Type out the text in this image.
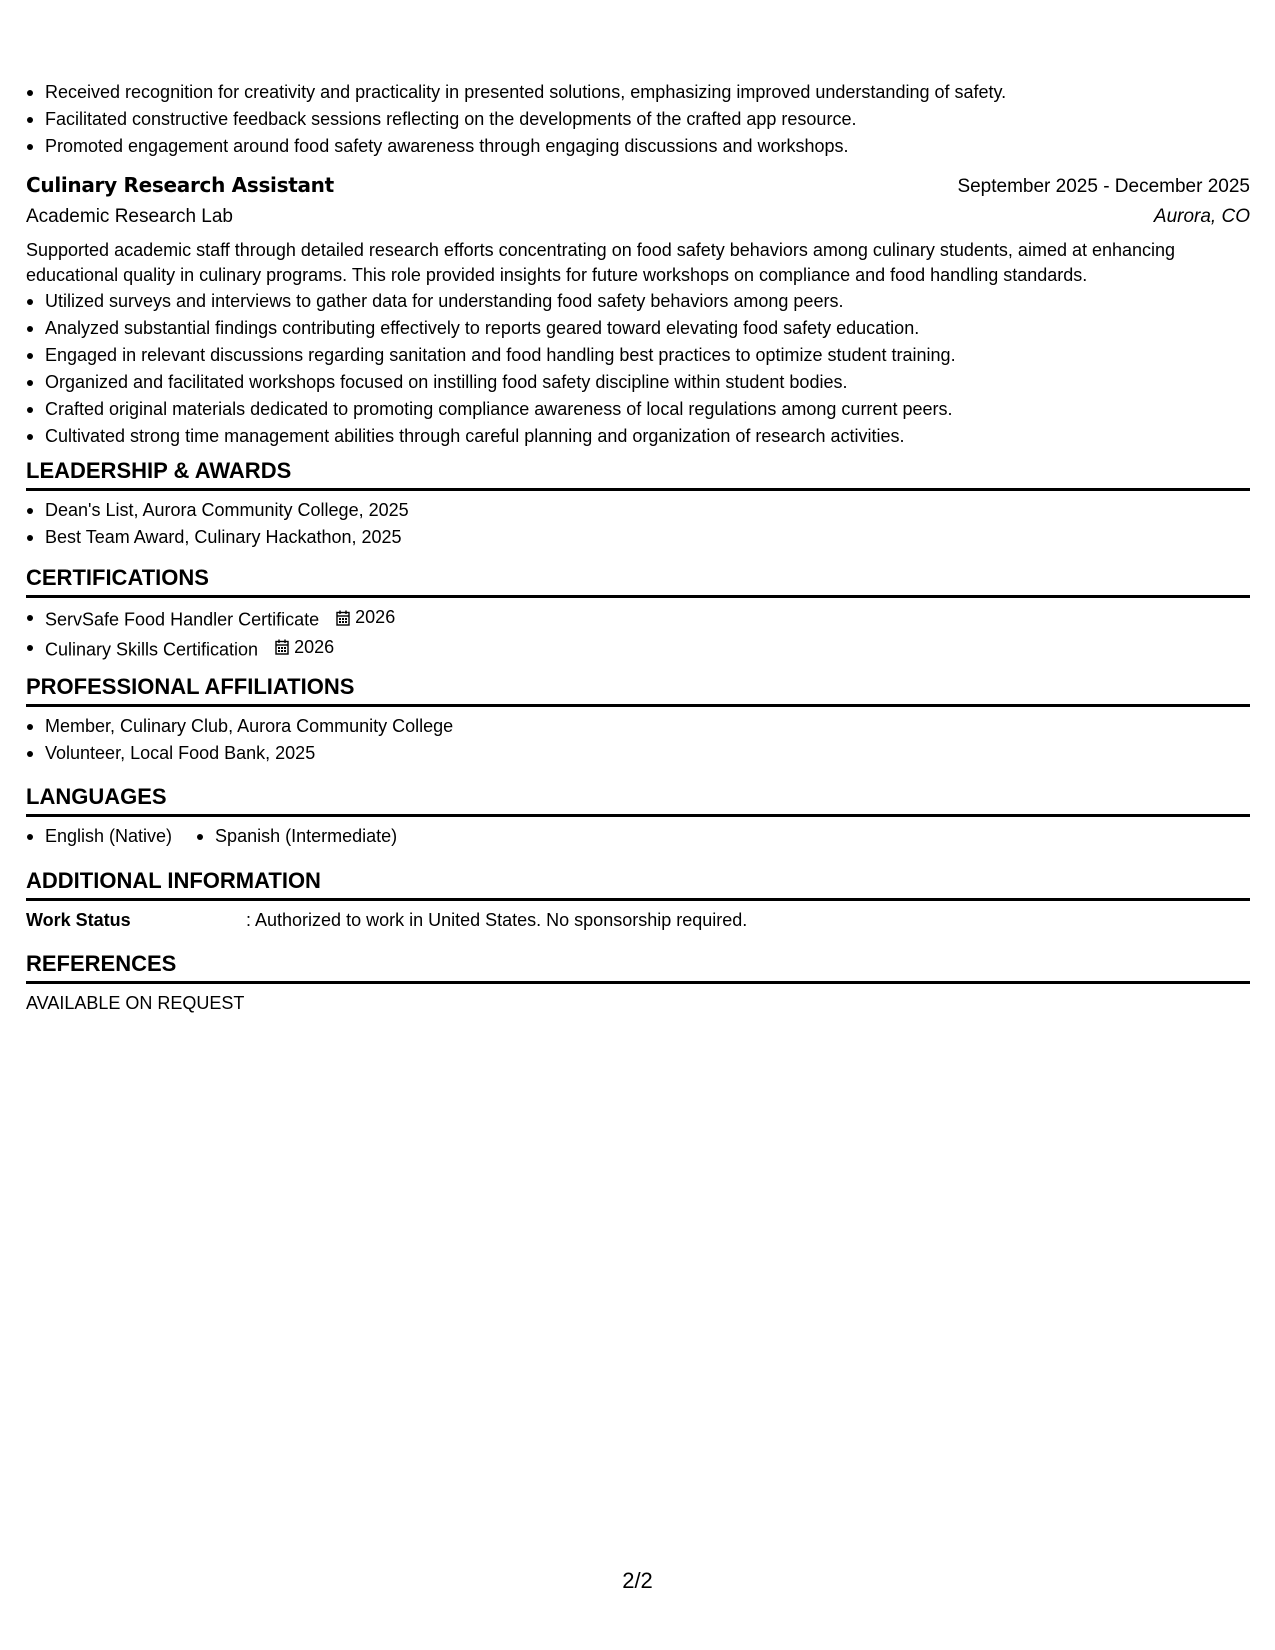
Received recognition for creativity and practicality in presented solutions, emphasizing improved understanding of safety.
Facilitated constructive feedback sessions reflecting on the developments of the crafted app resource.
Promoted engagement around food safety awareness through engaging discussions and workshops.
Culinary Research Assistant	September 2025 - December 2025
Academic Research Lab	Aurora, CO
Supported academic staff through detailed research efforts concentrating on food safety behaviors among culinary students, aimed at enhancing educational quality in culinary programs. This role provided insights for future workshops on compliance and food handling standards.
Utilized surveys and interviews to gather data for understanding food safety behaviors among peers.
Analyzed substantial findings contributing effectively to reports geared toward elevating food safety education.
Engaged in relevant discussions regarding sanitation and food handling best practices to optimize student training.
Organized and facilitated workshops focused on instilling food safety discipline within student bodies.
Crafted original materials dedicated to promoting compliance awareness of local regulations among current peers.
Cultivated strong time management abilities through careful planning and organization of research activities.
LEADERSHIP & AWARDS
Dean's List, Aurora Community College, 2025
Best Team Award, Culinary Hackathon, 2025
CERTIFICATIONS
ServSafe Food Handler Certificate 2026
Culinary Skills Certification 2026
PROFESSIONAL AFFILIATIONS
Member, Culinary Club, Aurora Community College
Volunteer, Local Food Bank, 2025
LANGUAGES
English (Native)	Spanish (Intermediate)
ADDITIONAL INFORMATION
Work Status	: Authorized to work in United States. No sponsorship required.
REFERENCES
AVAILABLE ON REQUEST
2/2
